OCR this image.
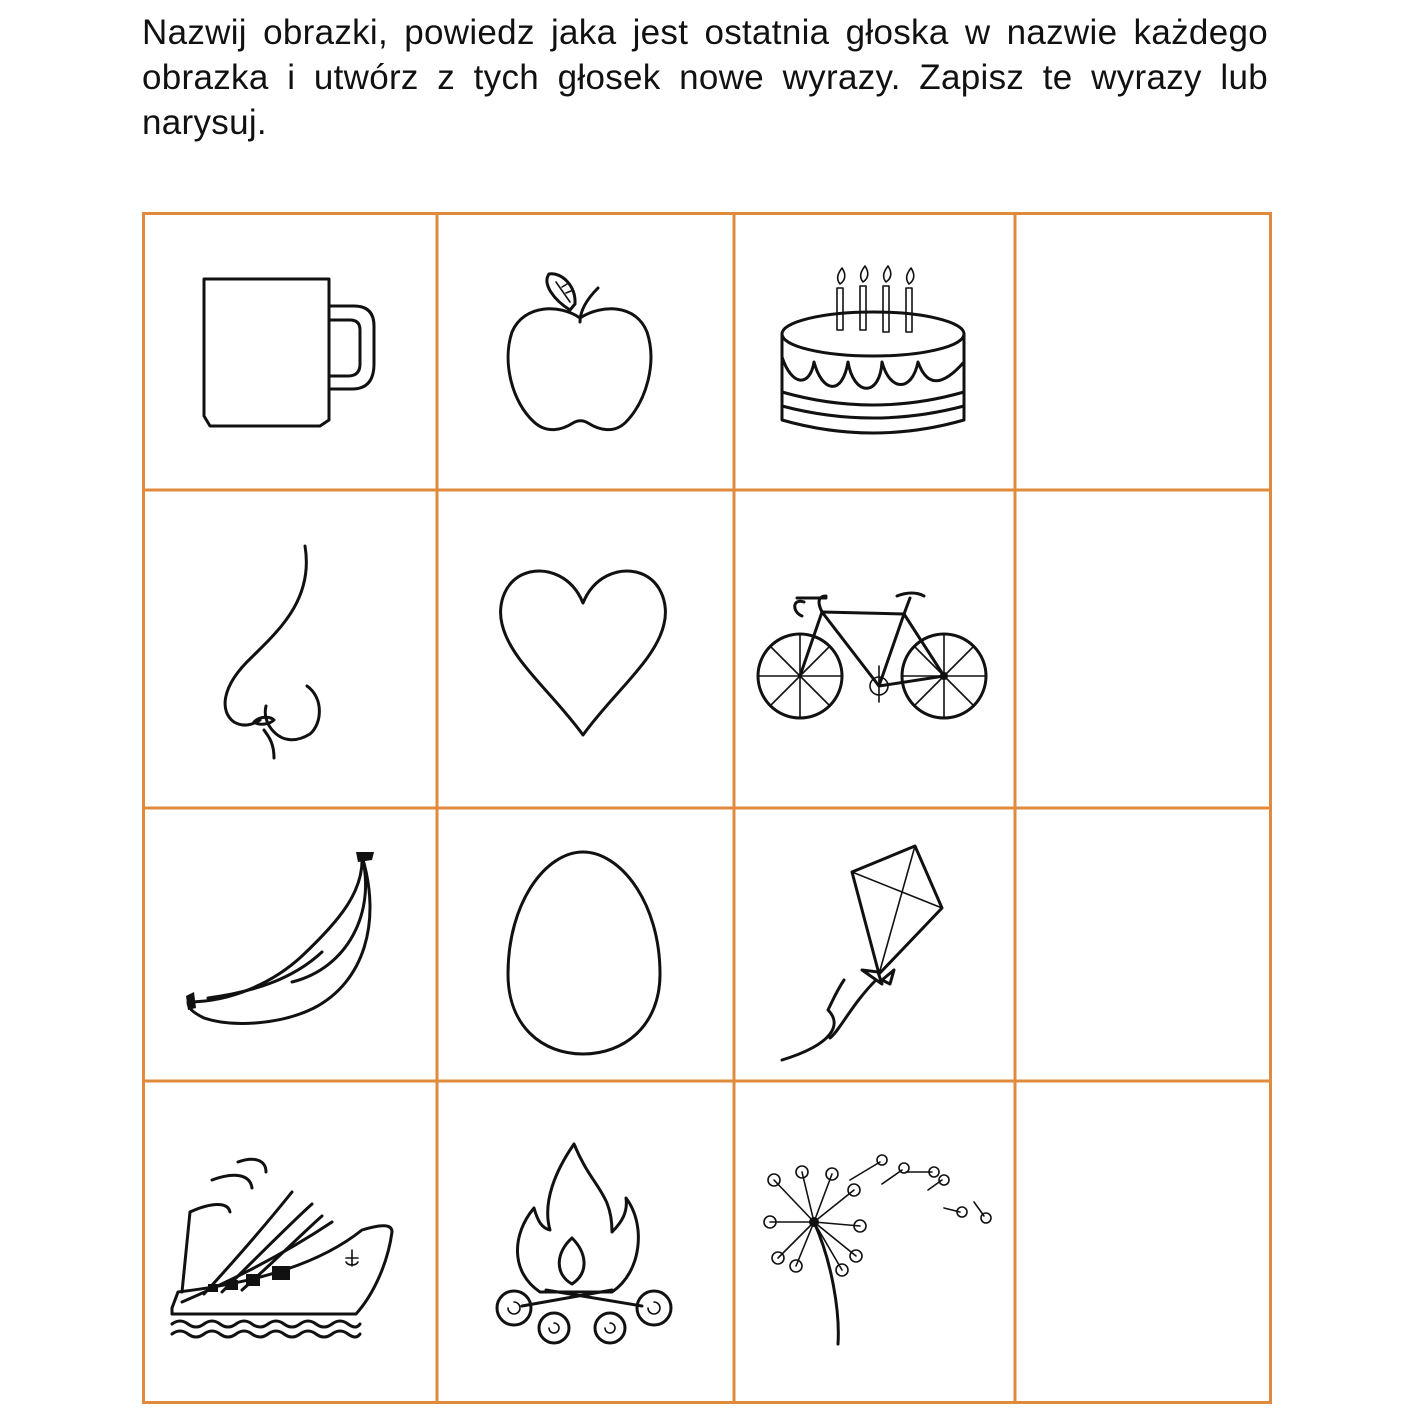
Nazwij obrazki, powiedz jaka jest ostatnia głoska w nazwie każdego obrazka i utwórz z tych głosek nowe wyrazy. Zapisz te wyrazy lub narysuj.
